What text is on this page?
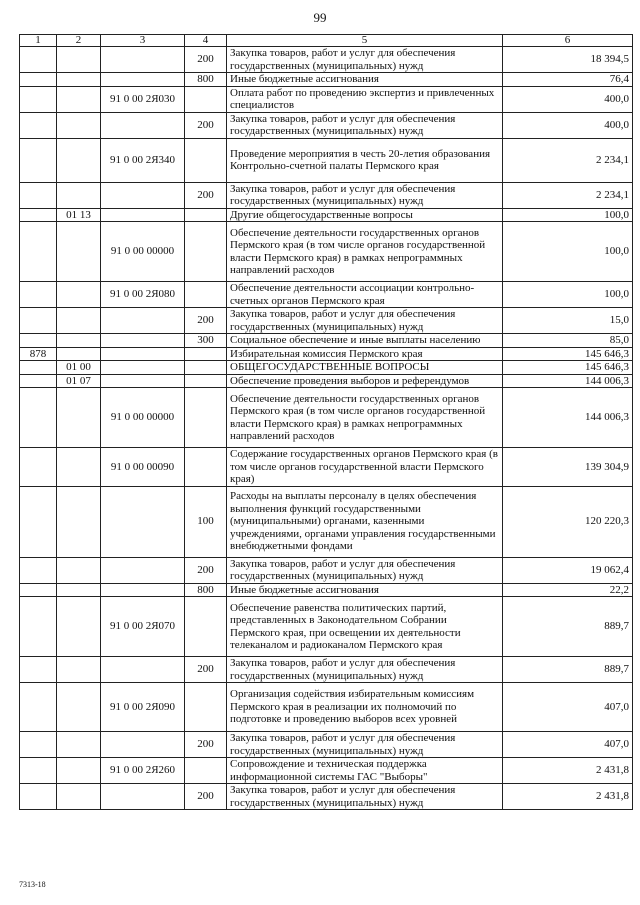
99
1	2	3	4	5	6
			200	Закупка товаров, работ и услуг для обеспечения государственных (муниципальных) нужд	18 394,5
			800	Иные бюджетные ассигнования	76,4
		91 0 00 2Я030		Оплата работ по проведению экспертиз и привлеченных специалистов	400,0
			200	Закупка товаров, работ и услуг для обеспечения государственных (муниципальных) нужд	400,0
		91 0 00 2Я340		Проведение мероприятия в честь 20-летия образования Контрольно-счетной палаты Пермского края	2 234,1
			200	Закупка товаров, работ и услуг для обеспечения государственных (муниципальных) нужд	2 234,1
	01 13			Другие общегосударственные вопросы	100,0
		91 0 00 00000		Обеспечение деятельности государственных органов Пермского края (в том числе органов государственной власти Пермского края) в рамках непрограммных направлений расходов	100,0
		91 0 00 2Я080		Обеспечение деятельности ассоциации контрольно-счетных органов Пермского края	100,0
			200	Закупка товаров, работ и услуг для обеспечения государственных (муниципальных) нужд	15,0
			300	Социальное обеспечение и иные выплаты населению	85,0
878				Избирательная комиссия Пермского края	145 646,3
	01 00			ОБЩЕГОСУДАРСТВЕННЫЕ ВОПРОСЫ	145 646,3
	01 07			Обеспечение проведения выборов и референдумов	144 006,3
		91 0 00 00000		Обеспечение деятельности государственных органов Пермского края (в том числе органов государственной власти Пермского края) в рамках непрограммных направлений расходов	144 006,3
		91 0 00 00090		Содержание государственных органов Пермского края (в том числе органов государственной власти Пермского края)	139 304,9
			100	Расходы на выплаты персоналу в целях обеспечения выполнения функций государственными (муниципальными) органами, казенными учреждениями, органами управления государственными внебюджетными фондами	120 220,3
			200	Закупка товаров, работ и услуг для обеспечения государственных (муниципальных) нужд	19 062,4
			800	Иные бюджетные ассигнования	22,2
		91 0 00 2Я070		Обеспечение равенства политических партий, представленных в Законодательном Собрании Пермского края, при освещении их деятельности телеканалом и радиоканалом Пермского края	889,7
			200	Закупка товаров, работ и услуг для обеспечения государственных (муниципальных) нужд	889,7
		91 0 00 2Я090		Организация содействия избирательным комиссиям Пермского края в реализации их полномочий по подготовке и проведению выборов всех уровней	407,0
			200	Закупка товаров, работ и услуг для обеспечения государственных (муниципальных) нужд	407,0
		91 0 00 2Я260		Сопровождение и техническая поддержка информационной системы ГАС "Выборы"	2 431,8
			200	Закупка товаров, работ и услуг для обеспечения государственных (муниципальных) нужд	2 431,8
7313-18
